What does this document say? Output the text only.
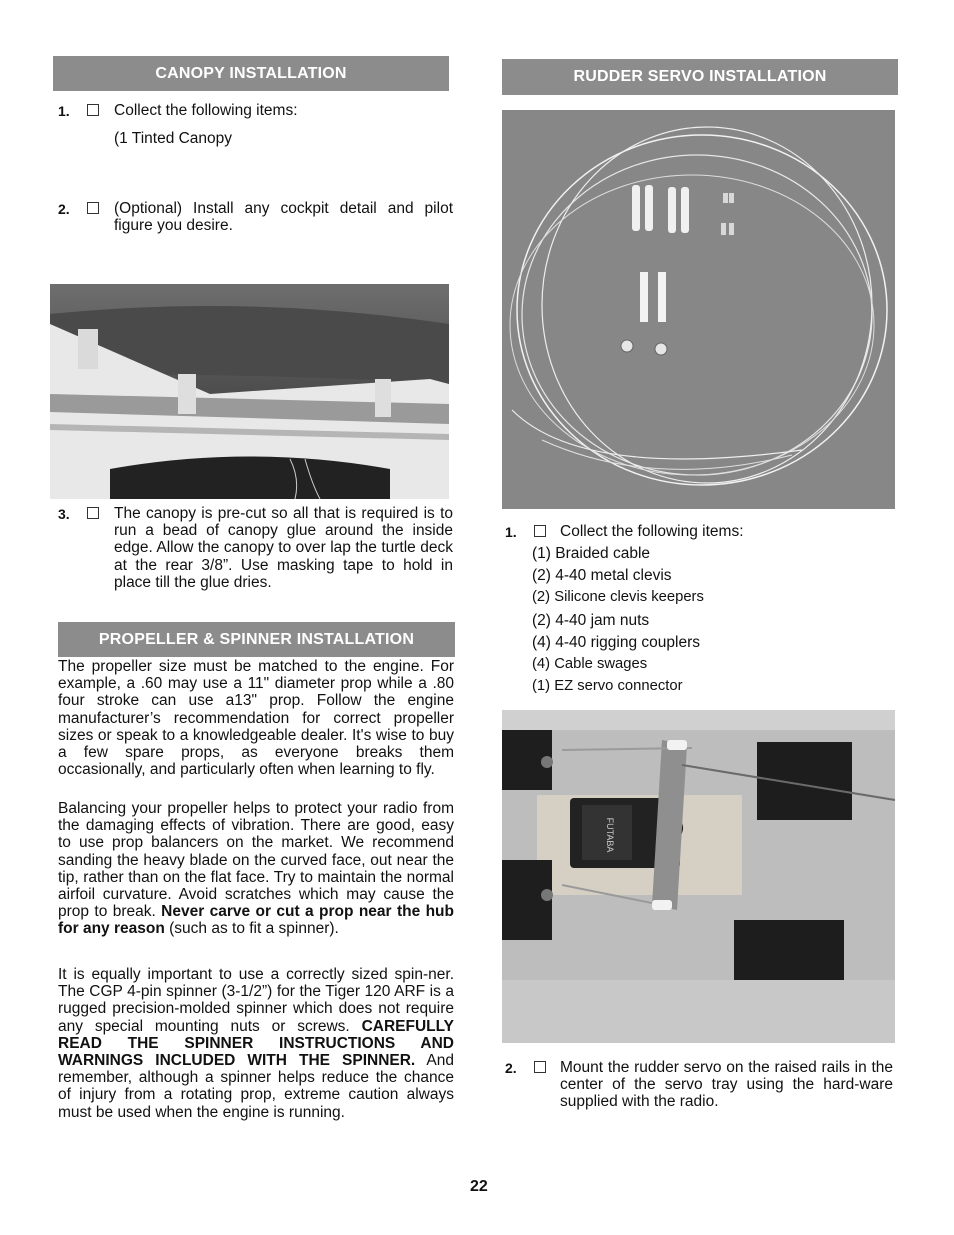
CANOPY INSTALLATION
1.	Collect the following items:

(1 Tinted Canopy

2.	(Optional) Install any cockpit detail and pilot figure you desire.

3.	The canopy is pre-cut so all that is required is to run a bead of canopy glue around the inside edge. Allow the canopy to over lap the turtle deck at the rear 3/8”. Use masking tape to hold in place till the glue dries.

PROPELLER & SPINNER INSTALLATION

The propeller size must be matched to the engine. For example, a .60 may use a 11" diameter prop while a .80 four stroke can use a13" prop. Follow the engine manufacturer’s recommendation for correct propeller sizes or speak to a knowledgeable dealer. It's wise to buy a few spare props, as everyone breaks them occasionally, and particularly often when learning to fly.

Balancing your propeller helps to protect your radio from the damaging effects of vibration. There are good, easy to use prop balancers on the market. We recommend sanding the heavy blade on the curved face, out near the tip, rather than on the flat face. Try to maintain the normal airfoil curvature. Avoid scratches which may cause the prop to break. Never carve or cut a prop near the hub for any reason (such as to fit a spinner).

It is equally important to use a correctly sized spin-ner. The CGP 4-pin spinner (3-1/2”) for the Tiger 120 ARF is a rugged precision-molded spinner which does not require any special mounting nuts or screws. CAREFULLY READ THE SPINNER INSTRUCTIONS AND WARNINGS INCLUDED WITH THE SPINNER. And remember, although a spinner helps reduce the chance of injury from a rotating prop, extreme caution always must be used when the engine is running.

RUDDER SERVO INSTALLATION
1.	Collect the following items:

(1) Braided cable
(2) 4-40 metal clevis
(2) Silicone clevis keepers
(2) 4-40 jam nuts
(4) 4-40 rigging couplers
(4) Cable swages
(1) EZ servo connector
FUTABA
2.	Mount the rudder servo on the raised rails in the center of the servo tray using the hard-ware supplied with the radio.

22
